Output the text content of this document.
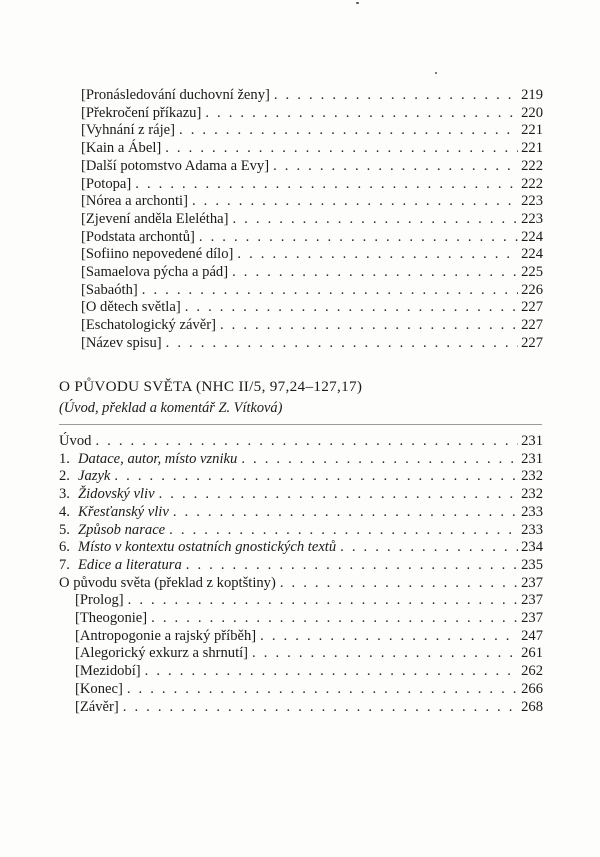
[Pronásledování duchovní ženy] . . .	219
[Překročení příkazu] . . .	220
[Vyhnání z ráje] . . .	221
[Kain a Ábel] . . .	221
[Další potomstvo Adama a Evy] . . .	222
[Potopa] . . .	222
[Nórea a archonti] . . .	223
[Zjevení anděla Eleléthа] . . .	223
[Podstata archontů] . . .	224
[Sofiino nepovedené dílo] . . .	224
[Samaelova pýcha a pád] . . .	225
[Sabaóth] . . .	226
[O dětech světla] . . .	227
[Eschatologický závěr] . . .	227
[Název spisu] . . .	227
O PŮVODU SVĚTA (NHC II/5, 97,24–127,17)
(Úvod, překlad a komentář Z. Vítková)
Úvod . . .	231
1. Datace, autor, místo vzniku . . .	231
2. Jazyk . . .	232
3. Židovský vliv . . .	232
4. Křesťanský vliv . . .	233
5. Způsob narace . . .	233
6. Místo v kontextu ostatních gnostických textů . . .	234
7. Edice a literatura . . .	235
O původu světa (překlad z koptštiny) . . .	237
[Prolog] . . .	237
[Theogonie] . . .	237
[Antropogonie a rajský příběh] . . .	247
[Alegorický exkurz a shrnutí] . . .	261
[Mezidobí] . . .	262
[Konec] . . .	266
[Závěr] . . .	268
